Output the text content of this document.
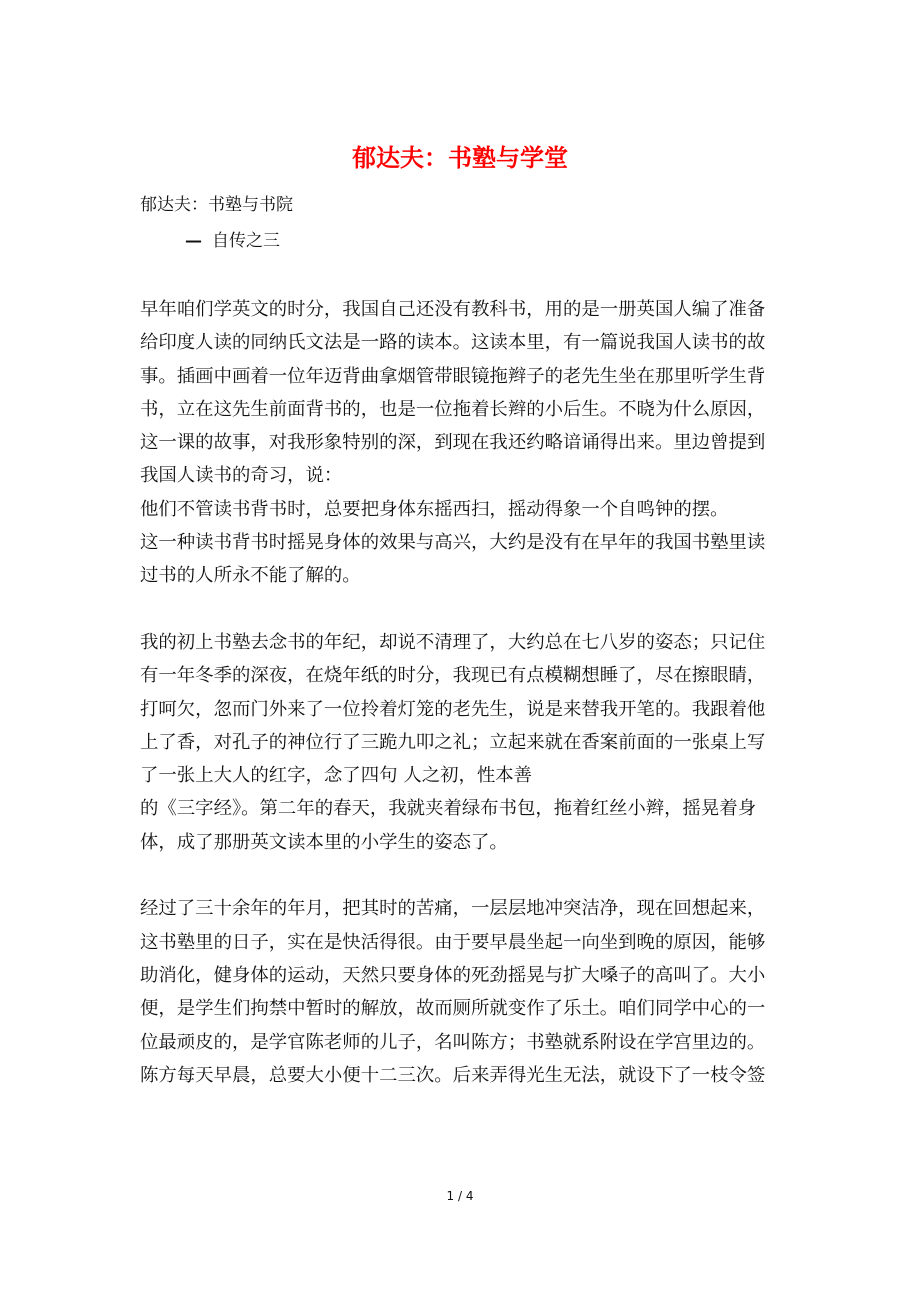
郁达夫：书塾与学堂
郁达夫：书塾与书院
— 自传之三
早年咱们学英文的时分，我国自己还没有教科书，用的是一册英国人编了准备
给印度人读的同纳氏文法是一路的读本。这读本里，有一篇说我国人读书的故
事。插画中画着一位年迈背曲拿烟管带眼镜拖辫子的老先生坐在那里听学生背
书，立在这先生前面背书的，也是一位拖着长辫的小后生。不晓为什么原因，
这一课的故事，对我形象特别的深，到现在我还约略谙诵得出来。里边曾提到
我国人读书的奇习，说：
他们不管读书背书时，总要把身体东摇西扫，摇动得象一个自鸣钟的摆。
这一种读书背书时摇晃身体的效果与高兴，大约是没有在早年的我国书塾里读
过书的人所永不能了解的。
我的初上书塾去念书的年纪，却说不清理了，大约总在七八岁的姿态；只记住
有一年冬季的深夜，在烧年纸的时分，我现已有点模糊想睡了，尽在擦眼睛，
打呵欠，忽而门外来了一位拎着灯笼的老先生，说是来替我开笔的。我跟着他
上了香，对孔子的神位行了三跪九叩之礼；立起来就在香案前面的一张桌上写
了一张上大人的红字，念了四句 人之初，性本善
的《三字经》。第二年的春天，我就夹着绿布书包，拖着红丝小辫，摇晃着身
体，成了那册英文读本里的小学生的姿态了。
经过了三十余年的年月，把其时的苦痛，一层层地冲突洁净，现在回想起来，
这书塾里的日子，实在是快活得很。由于要早晨坐起一向坐到晚的原因，能够
助消化，健身体的运动，天然只要身体的死劲摇晃与扩大嗓子的高叫了。大小
便，是学生们拘禁中暂时的解放，故而厕所就变作了乐土。咱们同学中心的一
位最顽皮的，是学官陈老师的儿子，名叫陈方；书塾就系附设在学宫里边的。
陈方每天早晨，总要大小便十二三次。后来弄得光生无法，就设下了一枝令签
1 / 4
